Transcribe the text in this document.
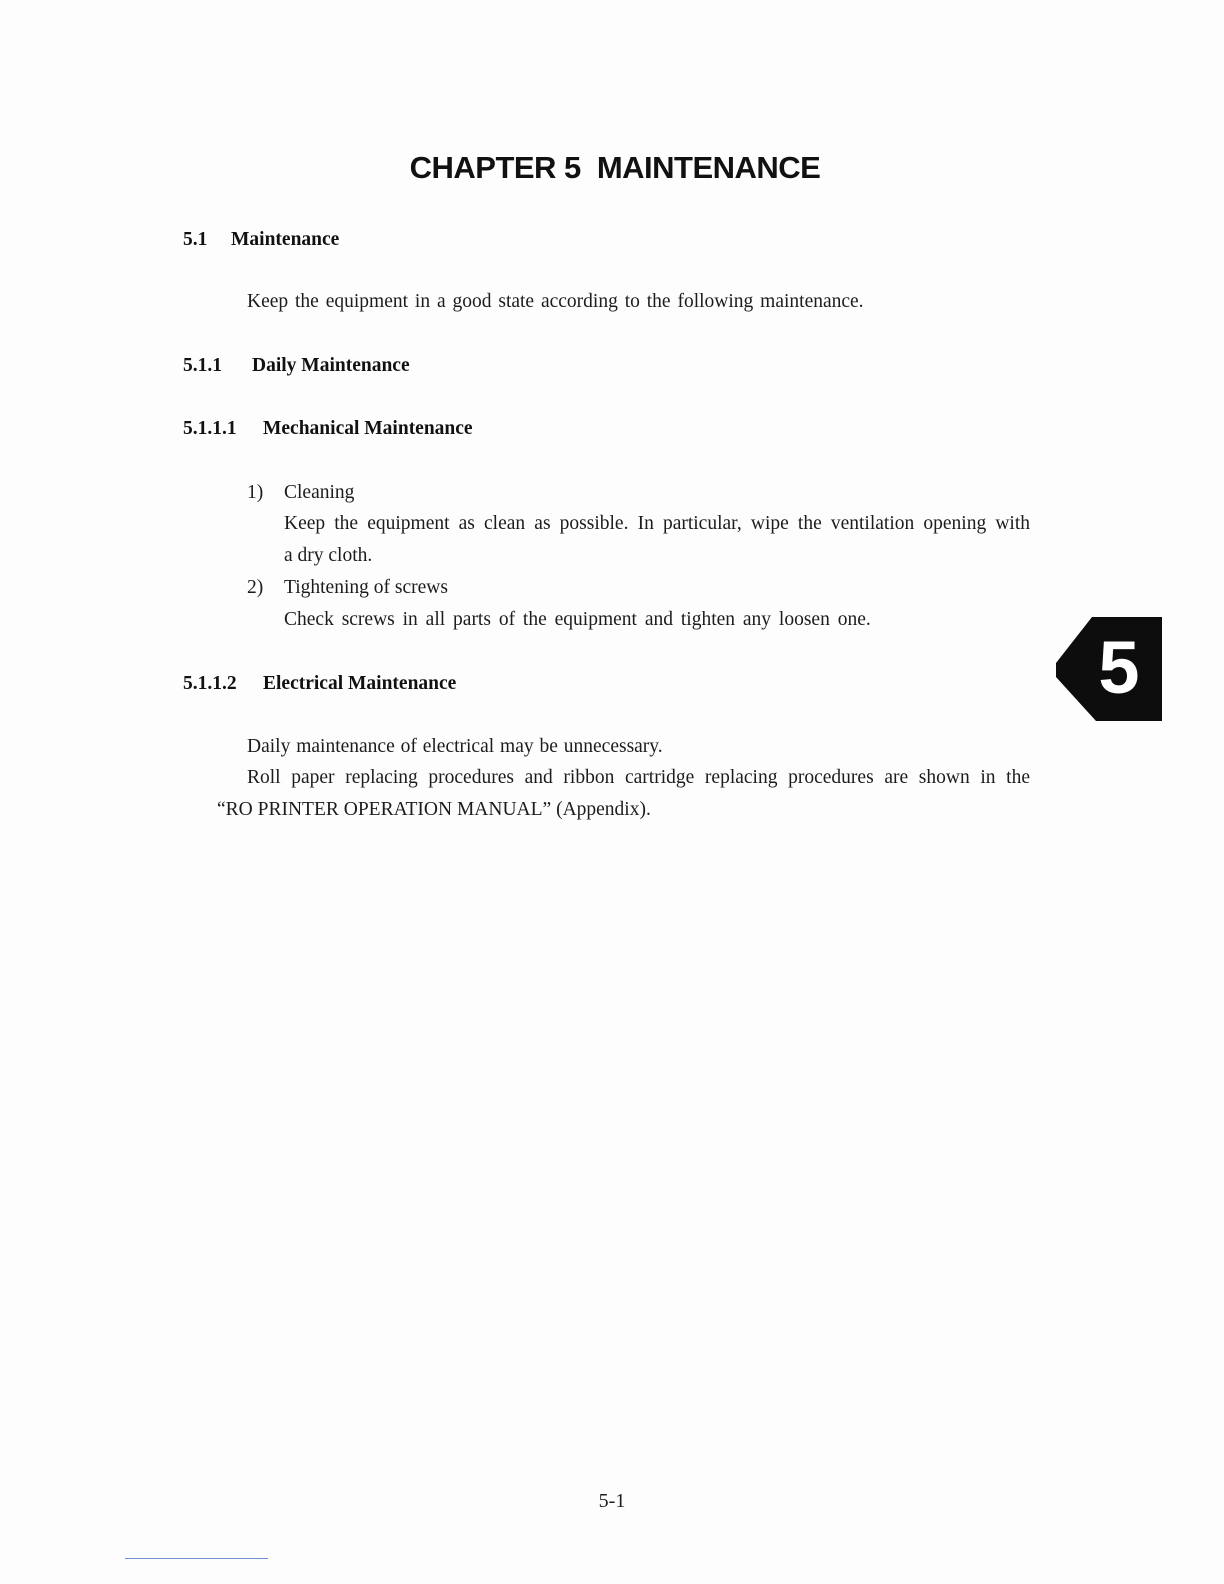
CHAPTER 5 MAINTENANCE
5.1 Maintenance
Keep the equipment in a good state according to the following maintenance.
5.1.1 Daily Maintenance
5.1.1.1 Mechanical Maintenance
1) Cleaning
Keep the equipment as clean as possible. In particular, wipe the ventilation opening with
a dry cloth.
2) Tightening of screws
Check screws in all parts of the equipment and tighten any loosen one.
5.1.1.2 Electrical Maintenance
Daily maintenance of electrical may be unnecessary.
Roll paper replacing procedures and ribbon cartridge replacing procedures are shown in the
“RO PRINTER OPERATION MANUAL” (Appendix).
5
5-1
